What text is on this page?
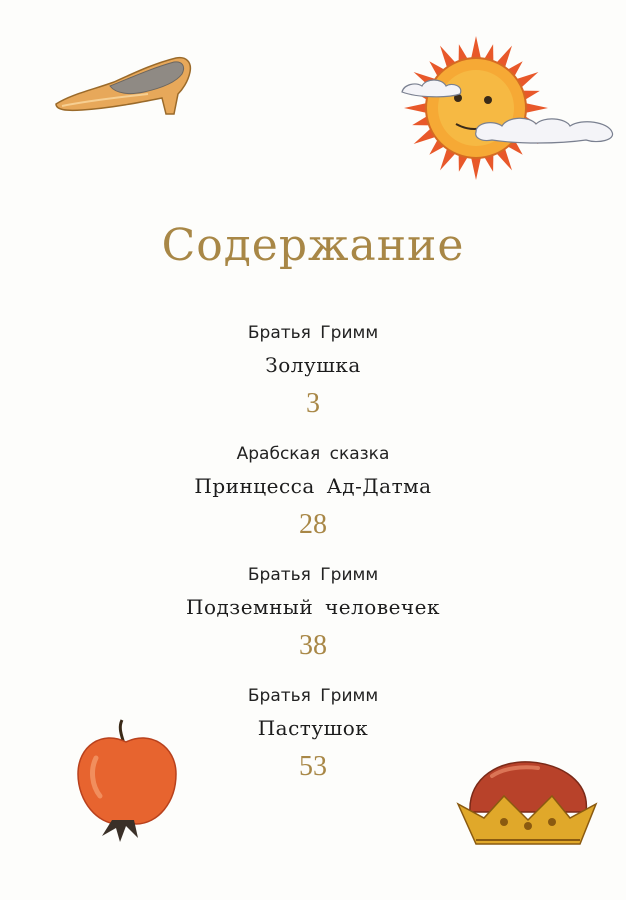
Содержание
Братья Гримм
Золушка
3
Арабская сказка
Принцесса Ад-Датма
28
Братья Гримм
Подземный человечек
38
Братья Гримм
Пастушок
53
